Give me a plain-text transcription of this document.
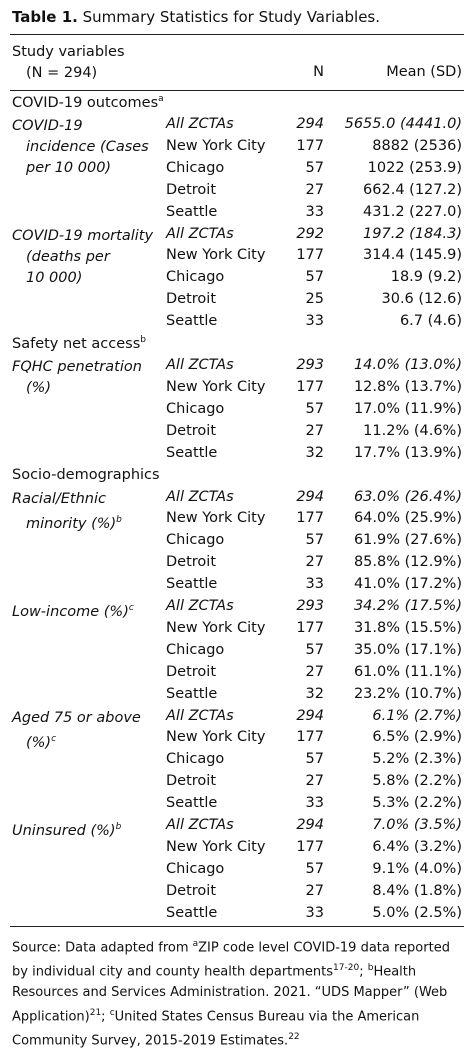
Table 1. Summary Statistics for Study Variables.
Study variables
(N = 294)	N	Mean (SD)
COVID-19 outcomes$^a$
COVID-19
incidence (Cases
per 10 000)
All ZCTAs	294 5655.0 (4441.0)
New York City 177	8882 (2536)
Chicago	57	1022 (253.9)
Detroit	27	662.4 (127.2)
Seattle	33	431.2 (227.0)
COVID-19 mortality
(deaths per
10 000)
All ZCTAs	292	197.2 (184.3)
New York City 177	314.4 (145.9)
Chicago	57	18.9 (9.2)
Detroit	25	30.6 (12.6)
Seattle	33	6.7 (4.6)
Safety net access$^b$
FQHC penetration
(%)
All ZCTAs	293 14.0% (13.0%)
New York City 177 12.8% (13.7%)
Chicago	57 17.0% (11.9%)
Detroit	27	11.2% (4.6%)
Seattle	32 17.7% (13.9%)
Socio-demographics
Racial/Ethnic
minority (%)$^b$
All ZCTAs	294 63.0% (26.4%)
New York City 177 64.0% (25.9%)
Chicago	57 61.9% (27.6%)
Detroit	27 85.8% (12.9%)
Seattle	33 41.0% (17.2%)
Low-income (%)$^c$	All ZCTAs	293 34.2% (17.5%)
New York City 177 31.8% (15.5%)
Chicago	57 35.0% (17.1%)
Detroit	27 61.0% (11.1%)
Seattle	32 23.2% (10.7%)
Aged 75 or above
(%)$^c$
All ZCTAs	294	6.1% (2.7%)
New York City 177	6.5% (2.9%)
Chicago	57	5.2% (2.3%)
Detroit	27	5.8% (2.2%)
Seattle	33	5.3% (2.2%)
Uninsured (%)$^b$	All ZCTAs	294	7.0% (3.5%)
New York City 177	6.4% (3.2%)
Chicago	57	9.1% (4.0%)
Detroit	27	8.4% (1.8%)
Seattle	33	5.0% (2.5%)
Source: Data adapted from $^a$ZIP code level COVID-19 data reported by individual city and county health departments$^{17-20}$; $^b$Health Resources and Services Administration. 2021. “UDS Mapper” (Web Application)$^{21}$; $^c$United States Census Bureau via the American Community Survey, 2015-2019 Estimates.$^{22}$
